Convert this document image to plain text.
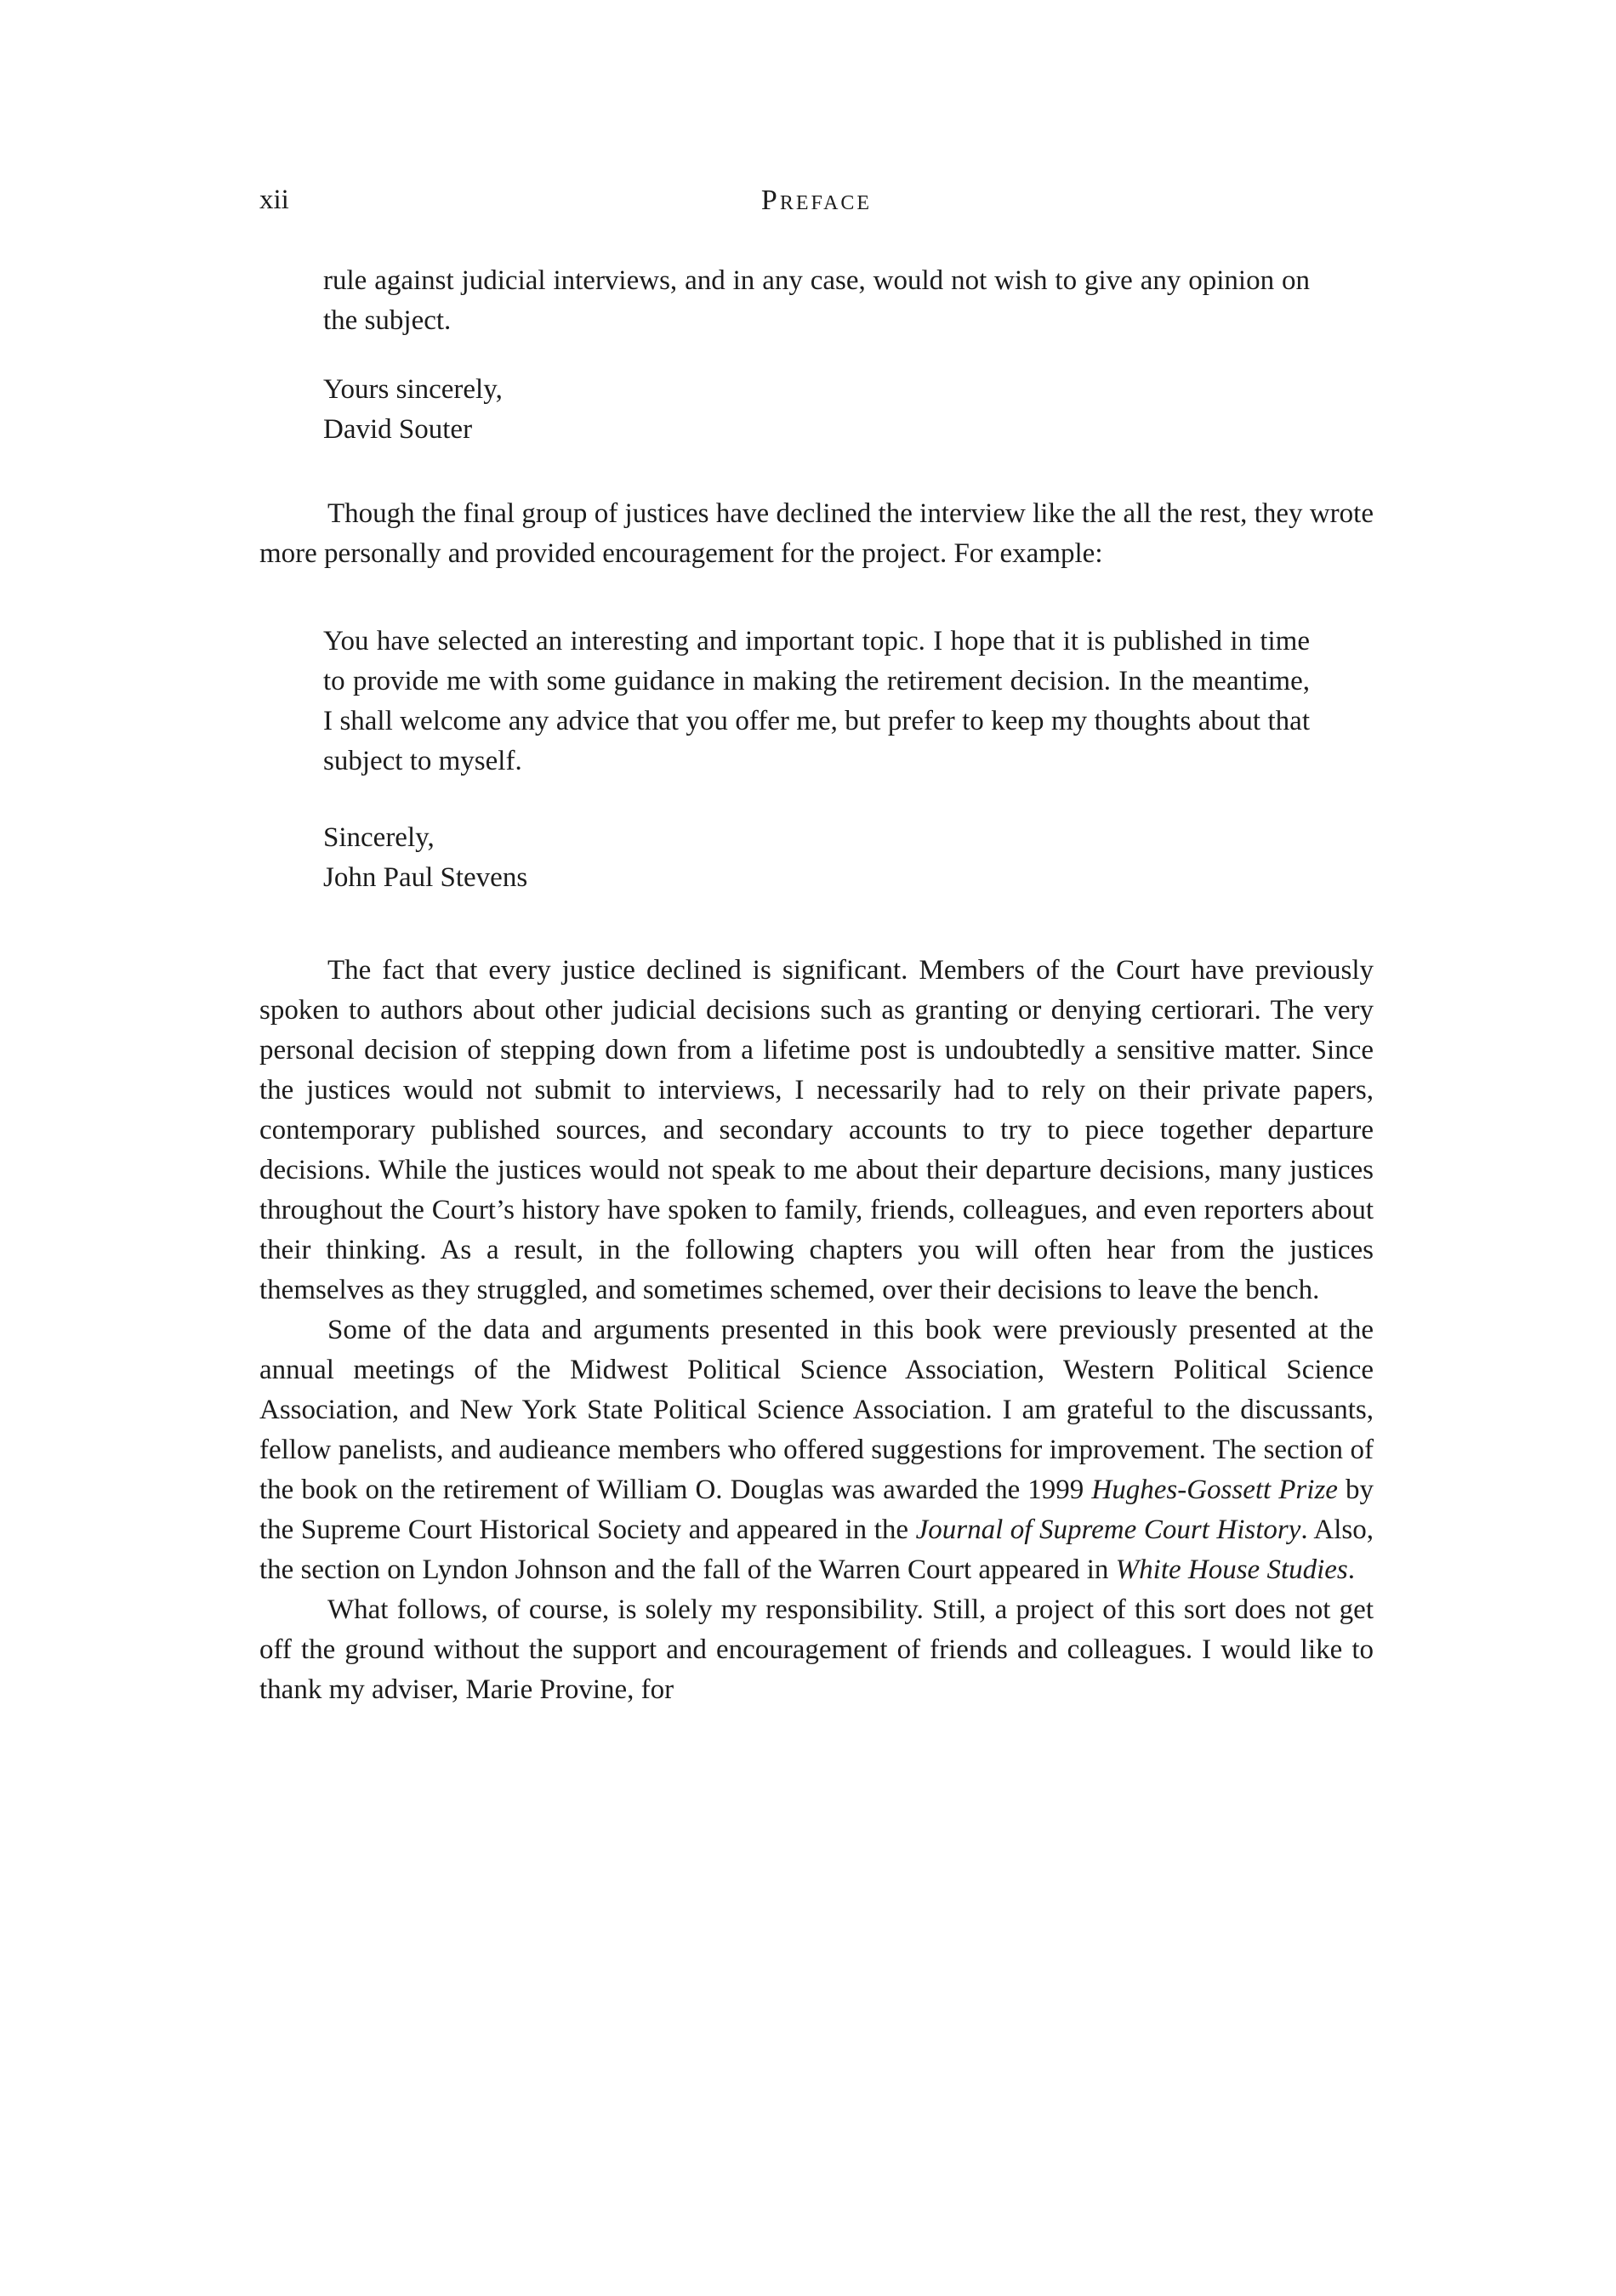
xii	Preface
rule against judicial interviews, and in any case, would not wish to give any opinion on the subject.
Yours sincerely,
David Souter

Though the final group of justices have declined the interview like the all the rest, they wrote more personally and provided encouragement for the project. For example:

You have selected an interesting and important topic. I hope that it is published in time to provide me with some guidance in making the retirement decision. In the meantime, I shall welcome any advice that you offer me, but prefer to keep my thoughts about that subject to myself.
Sincerely,
John Paul Stevens

The fact that every justice declined is significant. Members of the Court have previously spoken to authors about other judicial decisions such as granting or denying certiorari. The very personal decision of stepping down from a lifetime post is undoubtedly a sensitive matter. Since the justices would not submit to interviews, I necessarily had to rely on their private papers, contemporary published sources, and secondary accounts to try to piece together departure decisions. While the justices would not speak to me about their departure decisions, many justices throughout the Court’s history have spoken to family, friends, colleagues, and even reporters about their thinking. As a result, in the following chapters you will often hear from the justices themselves as they struggled, and sometimes schemed, over their decisions to leave the bench.

Some of the data and arguments presented in this book were previously presented at the annual meetings of the Midwest Political Science Association, Western Political Science Association, and New York State Political Science Association. I am grateful to the discussants, fellow panelists, and audieance members who offered suggestions for improvement. The section of the book on the retirement of William O. Douglas was awarded the 1999 Hughes-Gossett Prize by the Supreme Court Historical Society and appeared in the Journal of Supreme Court History. Also, the section on Lyndon Johnson and the fall of the Warren Court appeared in White House Studies.

What follows, of course, is solely my responsibility. Still, a project of this sort does not get off the ground without the support and encouragement of friends and colleagues. I would like to thank my adviser, Marie Provine, for
